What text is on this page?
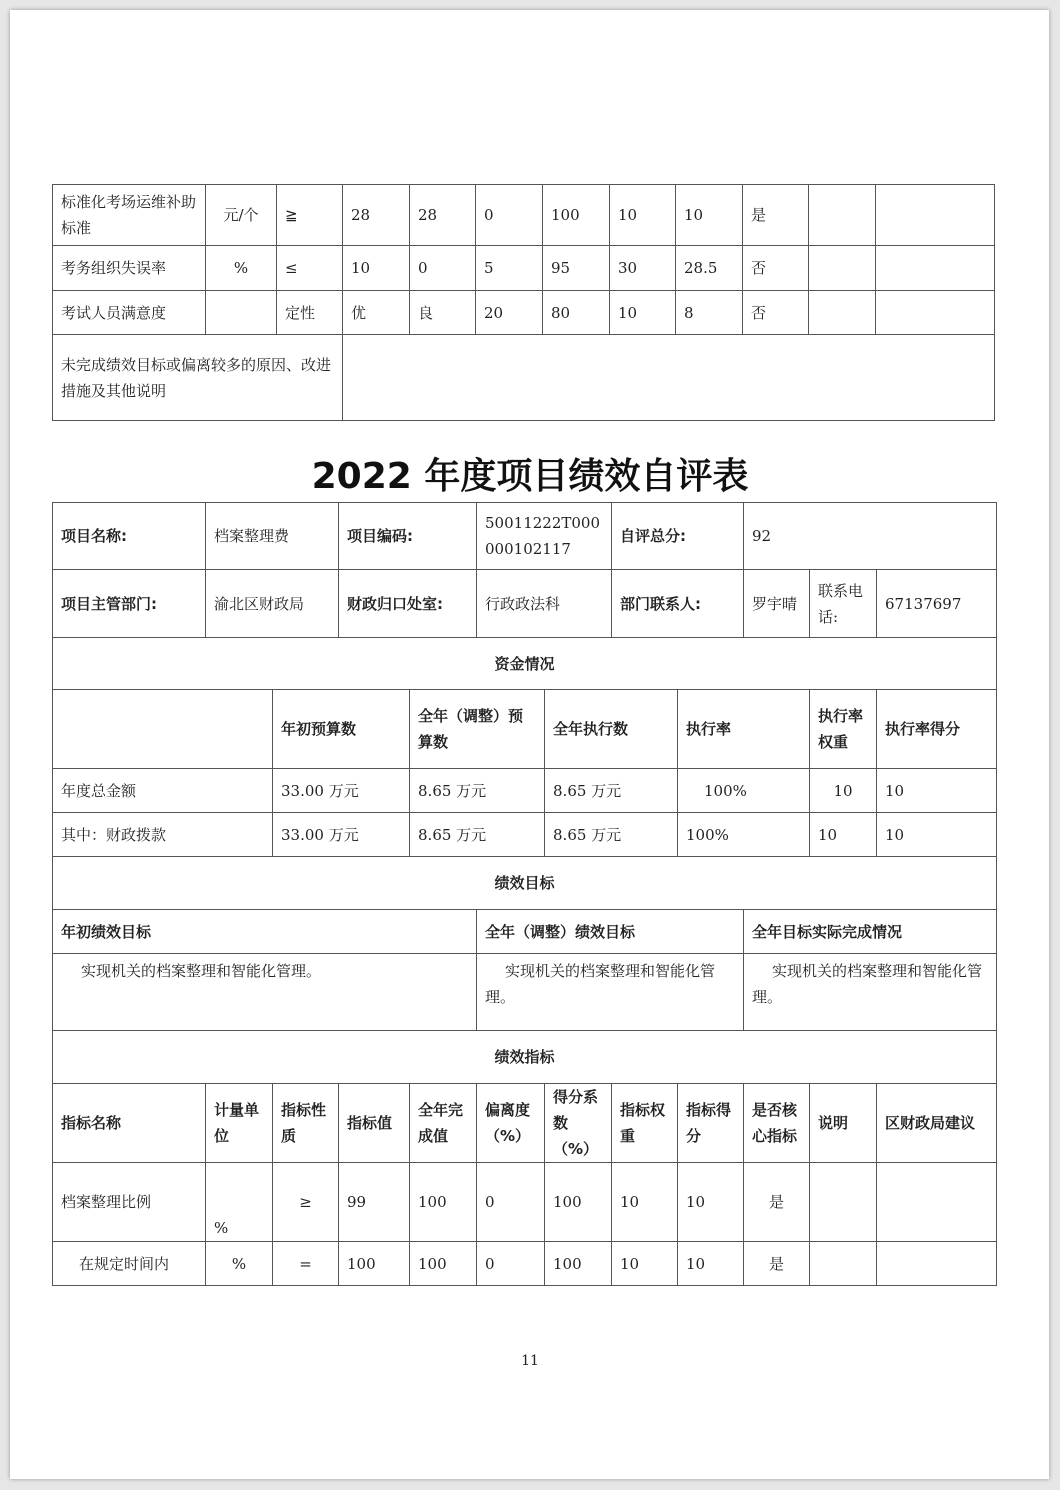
标准化考场运维补助标准	元/个	≧	28	28	0	100	10	10	是		
考务组织失误率	%	≤	10	0	5	95	30	28.5	否		
考试人员满意度		定性	优	良	20	80	10	8	否		
未完成绩效目标或偏离较多的原因、改进措施及其他说明											
2022 年度项目绩效自评表
项目名称:	档案整理费		项目编码:		50011222T000000102117		自评总分:		92		
项目主管部门:	渝北区财政局		财政归口处室:		行政政法科		部门联系人:		罗宇晴	联系电话:	67137697
资金情况											
		年初预算数		全年（调整）预算数		全年执行数		执行率		执行率权重	执行率得分
年度总金额		33.00 万元		8.65 万元		8.65 万元		100%		10	10
其中：财政拨款		33.00 万元		8.65 万元		8.65 万元		100%		10	10
绩效目标											
年初绩效目标					全年（调整）绩效目标				全年目标实际完成情况		
实现机关的档案整理和智能化管理。					实现机关的档案整理和智能化管理。				实现机关的档案整理和智能化管理。		
绩效指标											
指标名称	计量单位	指标性质	指标值	全年完成值	偏离度（%）	得分系数（%）	指标权重	指标得分	是否核心指标	说明	区财政局建议
档案整理比例	%	≥	99	100	0	100	10	10	是		
在规定时间内	%	=	100	100	0	100	10	10	是		
11
